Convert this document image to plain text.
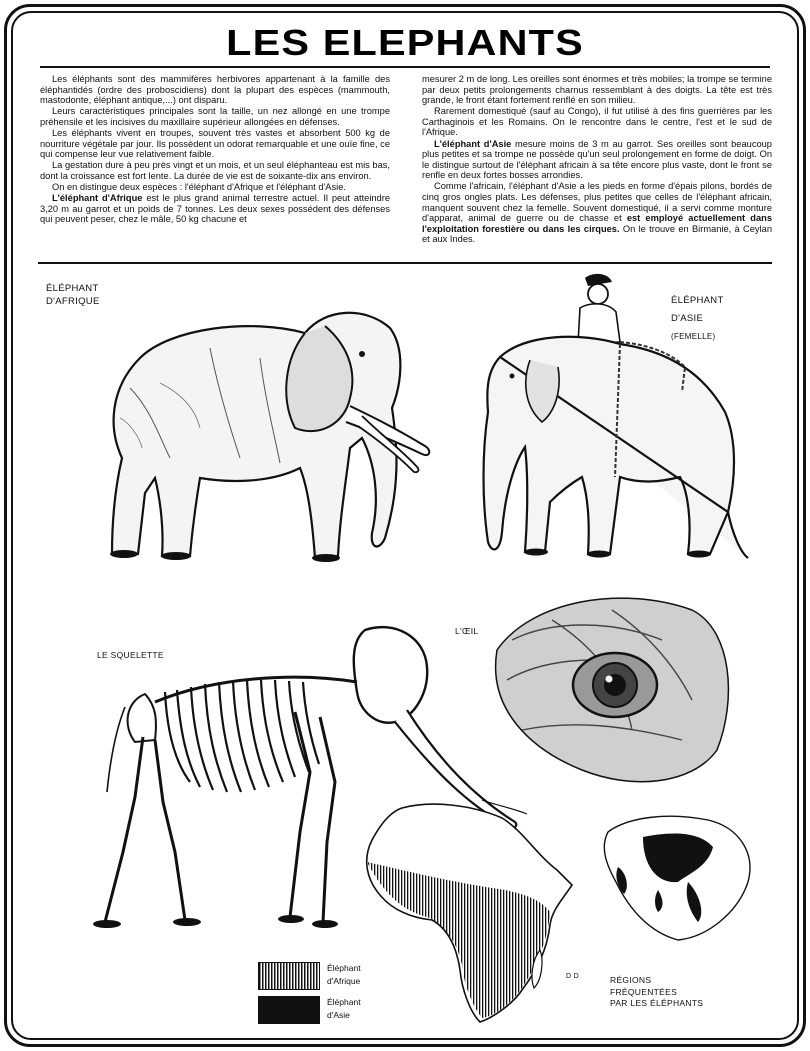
LES ELEPHANTS

Les éléphants sont des mammifères herbivores appartenant à la famille des éléphantidés (ordre des proboscidiens) dont la plupart des espèces (mammouth, mastodonte, éléphant antique,...) ont disparu.

Leurs caractéristiques principales sont la taille, un nez allongé en une trompe préhensile et les incisives du maxillaire supérieur allongées en défenses.

Les éléphants vivent en troupes, souvent très vastes et absorbent 500 kg de nourriture végétale par jour. Ils possèdent un odorat remarquable et une ouïe fine, ce qui compense leur vue relativement faible.

La gestation dure à peu près vingt et un mois, et un seul éléphanteau est mis bas, dont la croissance est fort lente. La durée de vie est de soixante-dix ans environ.

On en distingue deux espèces : l'éléphant d'Afrique et l'éléphant d'Asie.

L'éléphant d'Afrique est le plus grand animal terrestre actuel. Il peut atteindre 3,20 m au garrot et un poids de 7 tonnes. Les deux sexes possédent des défenses qui peuvent peser, chez le mâle, 50 kg chacune et

mesurer 2 m de long. Les oreilles sont énormes et très mobiles; la trompe se termine par deux petits prolongements charnus ressemblant à des doigts. La tête est très grande, le front étant fortement renflé en son milieu.

Rarement domestiqué (sauf au Congo), il fut utilisé à des fins guerrières par les Carthaginois et les Romains. On le rencontre dans le centre, l'est et le sud de l'Afrique.

L'éléphant d'Asie mesure moins de 3 m au garrot. Ses oreilles sont beaucoup plus petites et sa trompe ne possède qu'un seul prolongement en forme de doigt. On le distingue surtout de l'éléphant africain à sa tête encore plus vaste, dont le front se renfle en deux fortes bosses arrondies.

Comme l'africain, l'éléphant d'Asie a les pieds en forme d'épais pilons, bordés de cinq gros ongles plats. Les défenses, plus petites que celles de l'éléphant africain, manquent souvent chez la femelle. Souvent domestiqué, il a servi comme monture d'apparat, animal de guerre ou de chasse et est employé actuellement dans l'exploitation forestière ou dans les cirques. On le trouve en Birmanie, à Ceylan et aux Indes.

ÉLÉPHANT
D'AFRIQUE	ÉLÉPHANT
D'ASIE
(FEMELLE)
LE SQUELETTE
L'ŒIL
D D
Éléphant
d'Afrique
Éléphant
d'Asie
RÉGIONS
FRÉQUENTÉES
PAR LES ÉLÉPHANTS
